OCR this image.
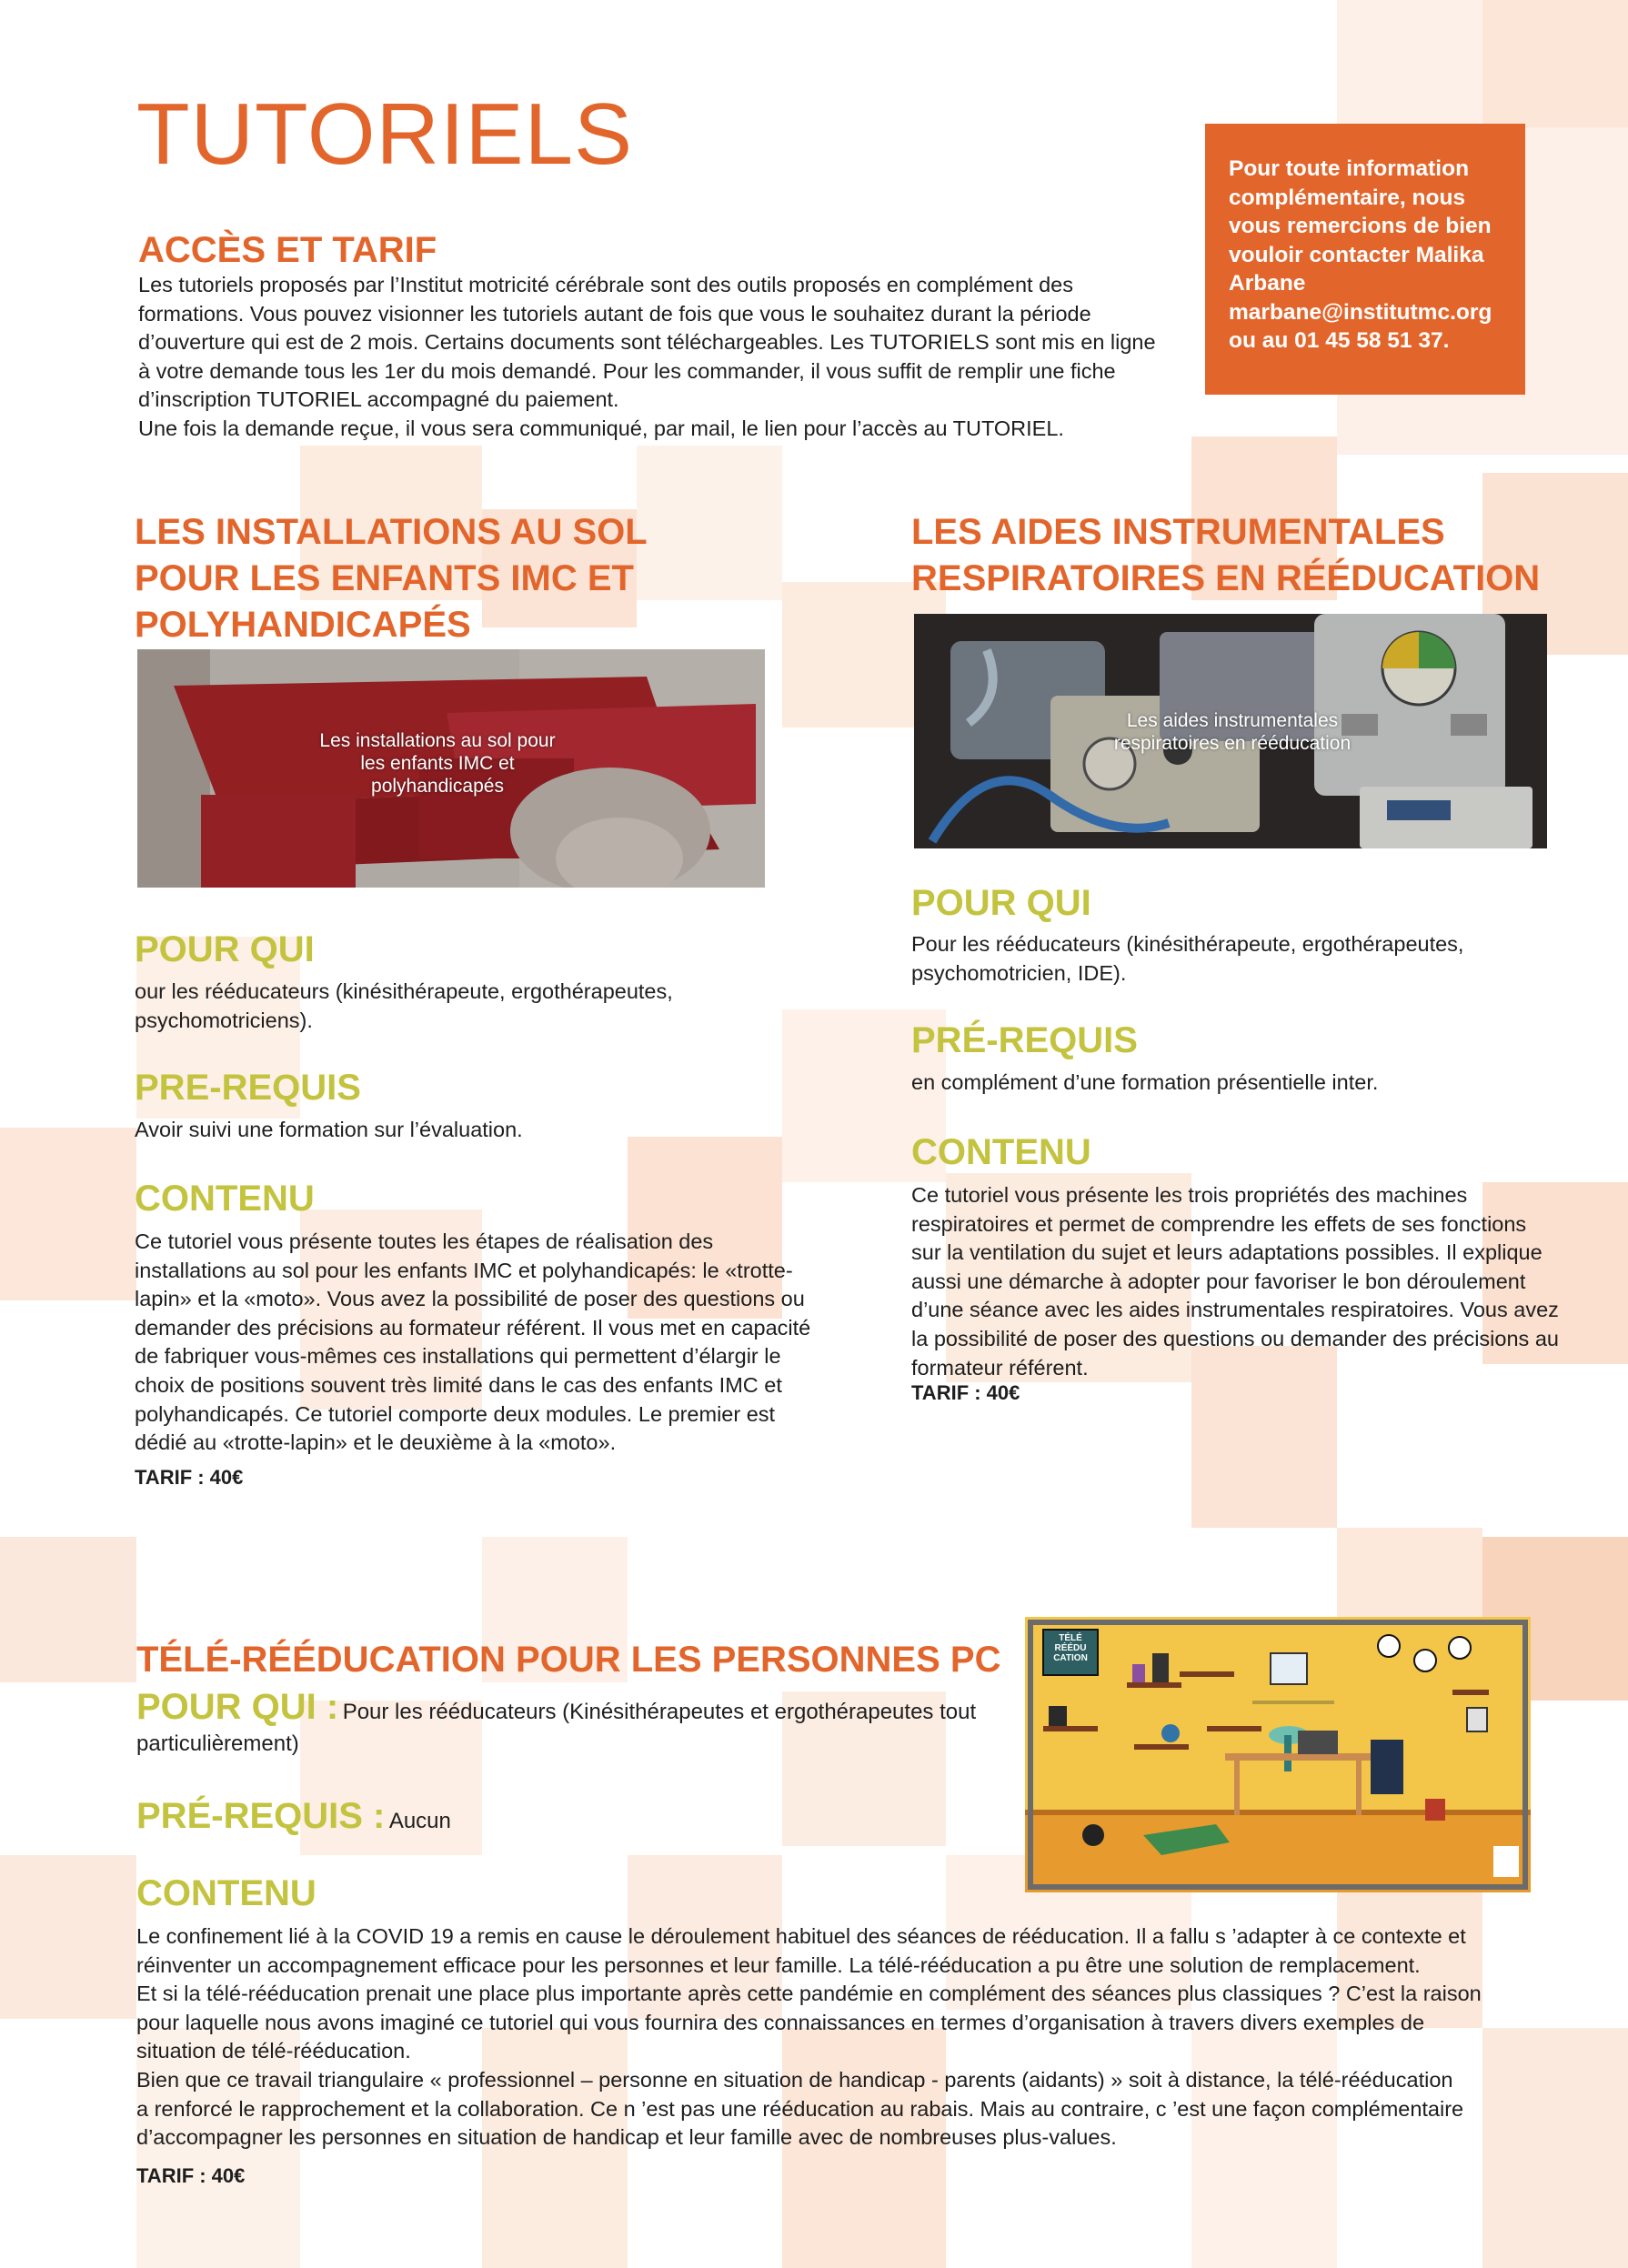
TUTORIELS
ACCÈS ET TARIF
Les tutoriels proposés par l’Institut motricité cérébrale sont des outils proposés en complément des
formations. Vous pouvez visionner les tutoriels autant de fois que vous le souhaitez durant la période
d’ouverture qui est de 2 mois. Certains documents sont téléchargeables. Les TUTORIELS sont mis en ligne
à votre demande tous les 1er du mois demandé. Pour les commander, il vous suffit de remplir une fiche
d’inscription TUTORIEL accompagné du paiement.
Une fois la demande reçue, il vous sera communiqué, par mail, le lien pour l’accès au TUTORIEL.
Pour toute information
complémentaire, nous
vous remercions de bien
vouloir contacter Malika
Arbane
marbane@institutmc.org
ou au 01 45 58 51 37.
LES INSTALLATIONS AU SOL
POUR LES ENFANTS IMC ET
POLYHANDICAPÉS
Les installations au sol pour
les enfants IMC et
polyhandicapés
POUR QUI
our les rééducateurs (kinésithérapeute, ergothérapeutes,
psychomotriciens).
PRE-REQUIS
Avoir suivi une formation sur l’évaluation.
CONTENU
Ce tutoriel vous présente toutes les étapes de réalisation des
installations au sol pour les enfants IMC et polyhandicapés: le «trotte-
lapin» et la «moto». Vous avez la possibilité de poser des questions ou
demander des précisions au formateur référent. Il vous met en capacité
de fabriquer vous-mêmes ces installations qui permettent d’élargir le
choix de positions souvent très limité dans le cas des enfants IMC et
polyhandicapés. Ce tutoriel comporte deux modules. Le premier est
dédié au «trotte-lapin» et le deuxième à la «moto».
TARIF : 40€
LES AIDES INSTRUMENTALES
RESPIRATOIRES EN RÉÉDUCATION
Les aides instrumentales
respiratoires en rééducation
POUR QUI
Pour les rééducateurs (kinésithérapeute, ergothérapeutes,
psychomotricien, IDE).
PRÉ-REQUIS
en complément d’une formation présentielle inter.
CONTENU
Ce tutoriel vous présente les trois propriétés des machines
respiratoires et permet de comprendre les effets de ses fonctions
sur la ventilation du sujet et leurs adaptations possibles. Il explique
aussi une démarche à adopter pour favoriser le bon déroulement
d’une séance avec les aides instrumentales respiratoires. Vous avez
la possibilité de poser des questions ou demander des précisions au
formateur référent.
TARIF : 40€
TÉLÉ-RÉÉDUCATION POUR LES PERSONNES PC
POUR QUI : Pour les rééducateurs (Kinésithérapeutes et ergothérapeutes tout
particulièrement)
PRÉ-REQUIS : Aucun
CONTENU
TÉLÉ RÉÉDU CATION
Le confinement lié à la COVID 19 a remis en cause le déroulement habituel des séances de rééducation. Il a fallu s ’adapter à ce contexte et
réinventer un accompagnement efficace pour les personnes et leur famille. La télé-rééducation a pu être une solution de remplacement.
Et si la télé-rééducation prenait une place plus importante après cette pandémie en complément des séances plus classiques ? C’est la raison
pour laquelle nous avons imaginé ce tutoriel qui vous fournira des connaissances en termes d’organisation à travers divers exemples de
situation de télé-rééducation.
Bien que ce travail triangulaire « professionnel – personne en situation de handicap - parents (aidants) » soit à distance, la télé-rééducation
a renforcé le rapprochement et la collaboration. Ce n ’est pas une rééducation au rabais. Mais au contraire, c ’est une façon complémentaire
d’accompagner les personnes en situation de handicap et leur famille avec de nombreuses plus-values.
TARIF : 40€
